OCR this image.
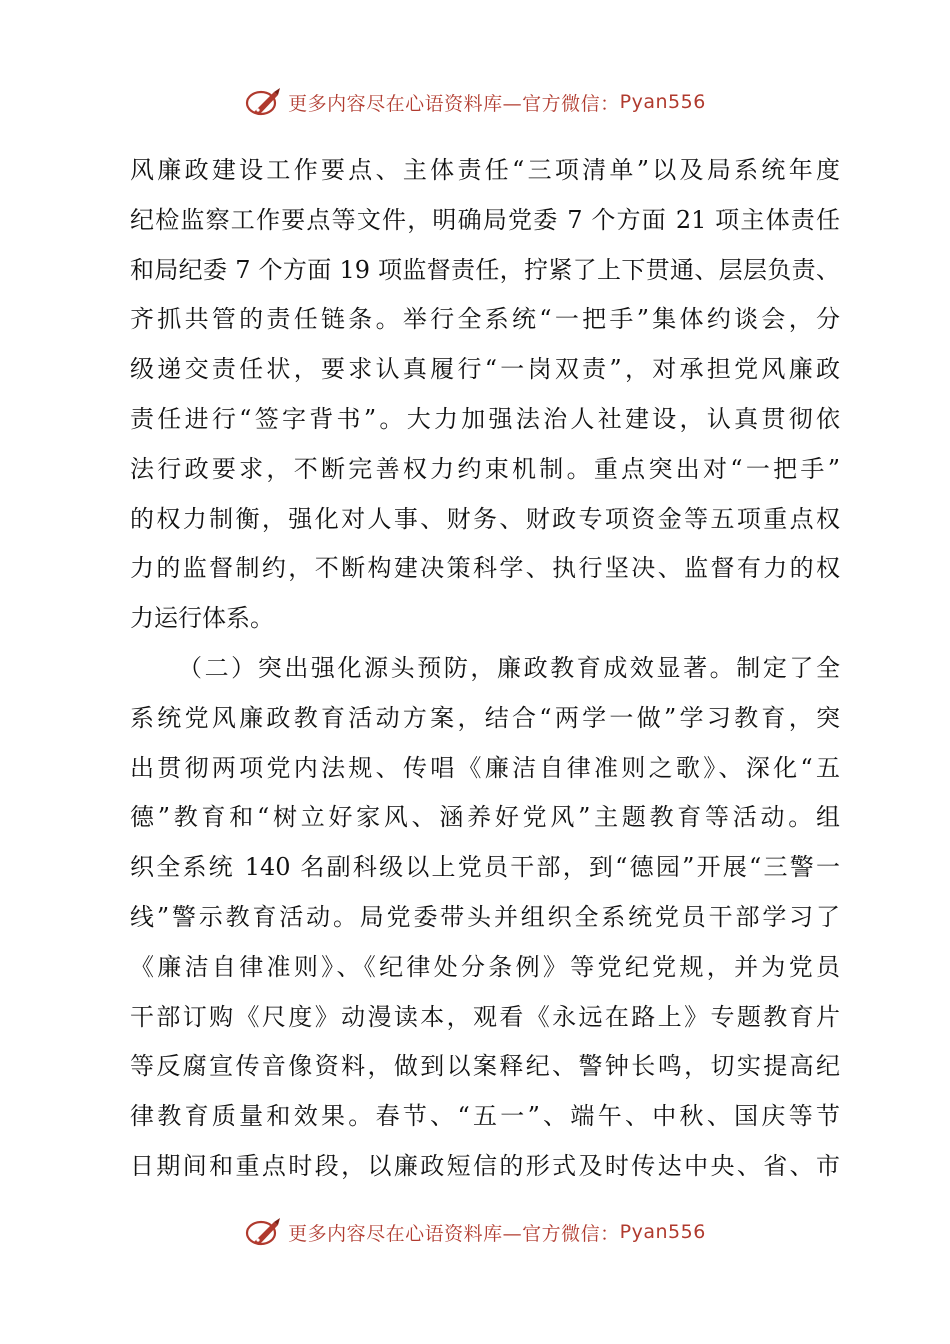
更多内容尽在心语资料库—官方微信： Pyan556
风廉政建设工作要点、主体责任“三项清单”以及局系统年度
纪检监察工作要点等文件，明确局党委 7 个方面 21 项主体责任
和局纪委 7 个方面 19 项监督责任，拧紧了上下贯通、层层负责、
齐抓共管的责任链条。举行全系统“一把手”集体约谈会，分
级递交责任状，要求认真履行“一岗双责”，对承担党风廉政
责任进行“签字背书”。大力加强法治人社建设，认真贯彻依
法行政要求，不断完善权力约束机制。重点突出对“一把手”
的权力制衡，强化对人事、财务、财政专项资金等五项重点权
力的监督制约，不断构建决策科学、执行坚决、监督有力的权
力运行体系。
（二）突出强化源头预防，廉政教育成效显著。制定了全
系统党风廉政教育活动方案，结合“两学一做”学习教育，突
出贯彻两项党内法规、传唱《廉洁自律准则之歌》、深化“五
德”教育和“树立好家风、涵养好党风”主题教育等活动。组
织全系统 140 名副科级以上党员干部，到“德园”开展“三警一
线”警示教育活动。局党委带头并组织全系统党员干部学习了
《廉洁自律准则》、《纪律处分条例》等党纪党规，并为党员
干部订购《尺度》动漫读本，观看《永远在路上》专题教育片
等反腐宣传音像资料，做到以案释纪、警钟长鸣，切实提高纪
律教育质量和效果。春节、“五一”、端午、中秋、国庆等节
日期间和重点时段，以廉政短信的形式及时传达中央、省、市
更多内容尽在心语资料库—官方微信： Pyan556
